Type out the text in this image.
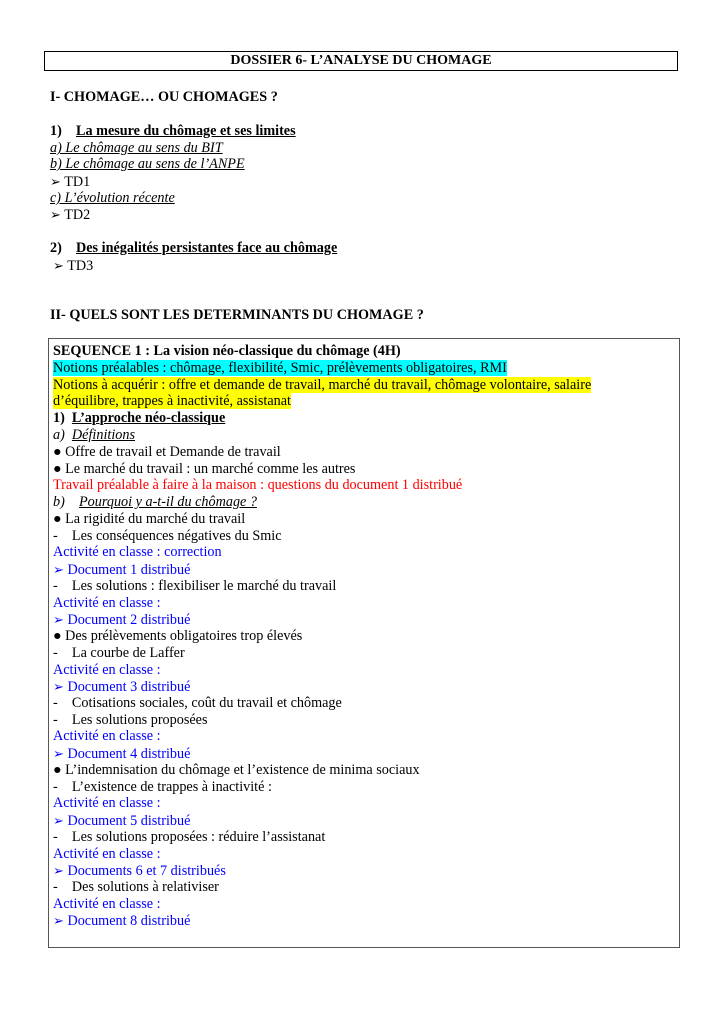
DOSSIER 6- L’ANALYSE DU CHOMAGE
I- CHOMAGE… OU CHOMAGES ?
1) La mesure du chômage et ses limites
a) Le chômage au sens du BIT
b) Le chômage au sens de l’ANPE
➢ TD1
c) L’évolution récente
➢ TD2
2) Des inégalités persistantes face au chômage
➢ TD3
II- QUELS SONT LES DETERMINANTS DU CHOMAGE ?
SEQUENCE 1 : La vision néo-classique du chômage (4H)
Notions préalables : chômage, flexibilité, Smic, prélèvements obligatoires, RMI
Notions à acquérir : offre et demande de travail, marché du travail, chômage volontaire, salaire
d’équilibre, trappes à inactivité, assistanat
1) L’approche néo-classique
a) Définitions
● Offre de travail et Demande de travail
● Le marché du travail : un marché comme les autres
Travail préalable à faire à la maison : questions du document 1 distribué
b) Pourquoi y a-t-il du chômage ?
● La rigidité du marché du travail
- Les conséquences négatives du Smic
Activité en classe : correction
➢ Document 1 distribué
- Les solutions : flexibiliser le marché du travail
Activité en classe :
➢ Document 2 distribué
● Des prélèvements obligatoires trop élevés
- La courbe de Laffer
Activité en classe :
➢ Document 3 distribué
- Cotisations sociales, coût du travail et chômage
- Les solutions proposées
Activité en classe :
➢ Document 4 distribué
● L’indemnisation du chômage et l’existence de minima sociaux
- L’existence de trappes à inactivité :
Activité en classe :
➢ Document 5 distribué
- Les solutions proposées : réduire l’assistanat
Activité en classe :
➢ Documents 6 et 7 distribués
- Des solutions à relativiser
Activité en classe :
➢ Document 8 distribué
